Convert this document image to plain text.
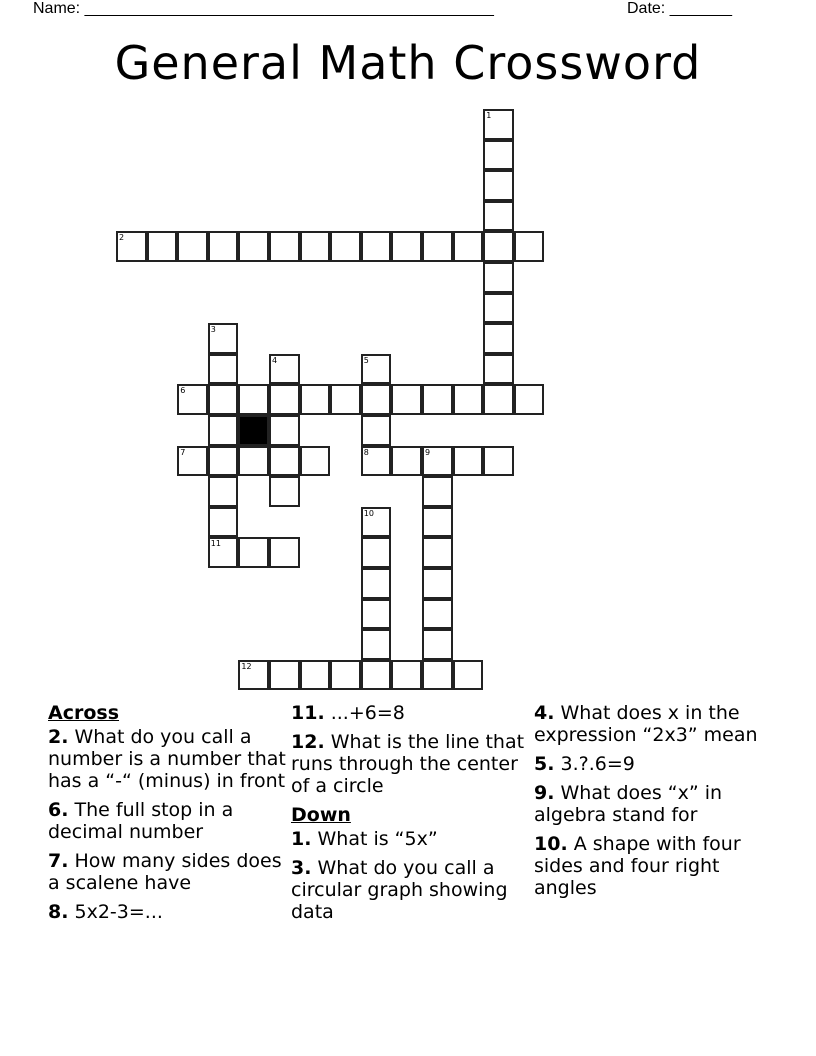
Name: ______________________________________________	Date: _______
General Math Crossword
1
2
3
11
4	5
8
6
7	9
10
12
Across
2. What do you call a number is a number that has a “-“ (minus) in front
6. The full stop in a decimal number
7. How many sides does a scalene have
8. 5x2-3=...
11. ...+6=8
12. What is the line that runs through the center of a circle
Down
1. What is “5x”
3. What do you call a circular graph showing data
4. What does x in the expression “2x3” mean
5. 3.?.6=9
9. What does “x” in algebra stand for
10. A shape with four sides and four right angles
